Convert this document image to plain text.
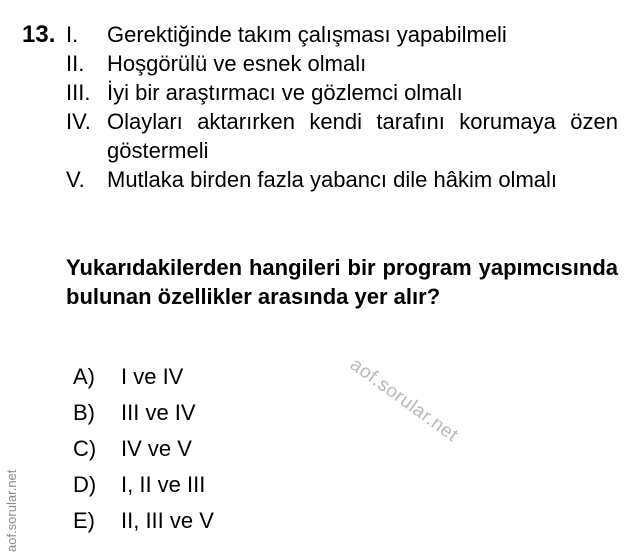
13. I.	Gerektiğinde takım çalışması yapabilmeli
II.	Hoşgörülü ve esnek olmalı
III. İyi bir araştırmacı ve gözlemci olmalı
IV. Olayları aktarırken kendi tarafını korumaya özen göstermeli
V.	Mutlaka birden fazla yabancı dile hâkim olmalı
Yukarıdakilerden hangileri bir program yapımcısında bulunan özellikler arasında yer alır?
A)	I ve IV
B)	III ve IV
C)	IV ve V
D)	I, II ve III
E)	II, III ve V
aof.sorular.net
aof.sorular.net
